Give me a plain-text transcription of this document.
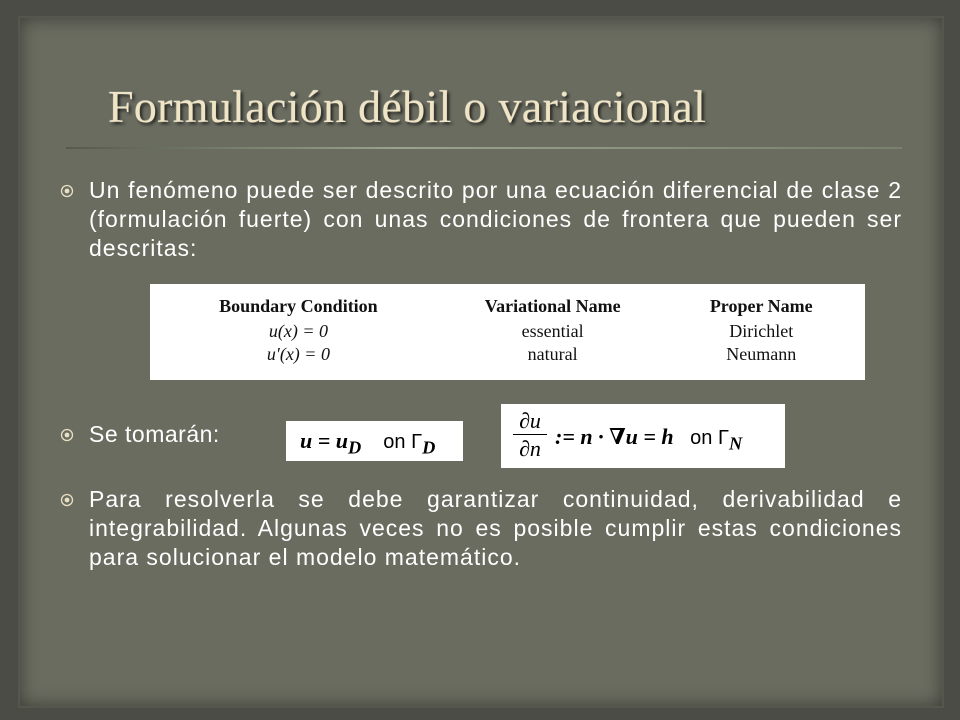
Formulación débil o variacional

Un fenómeno puede ser descrito por una ecuación diferencial de clase 2 (formulación fuerte) con unas condiciones de frontera que pueden ser descritas:

Boundary Condition	Variational Name	Proper Name
u(x) = 0	essential	Dirichlet
u′(x) = 0	natural	Neumann

Se tomarán:	$u = u_D$ on $\Gamma_D$	$\frac{\partial u}{\partial n}$ := n · ∇u = h on $\Gamma_N$

Para resolverla se debe garantizar continuidad, derivabilidad e integrabilidad. Algunas veces no es posible cumplir estas condiciones para solucionar el modelo matemático.
